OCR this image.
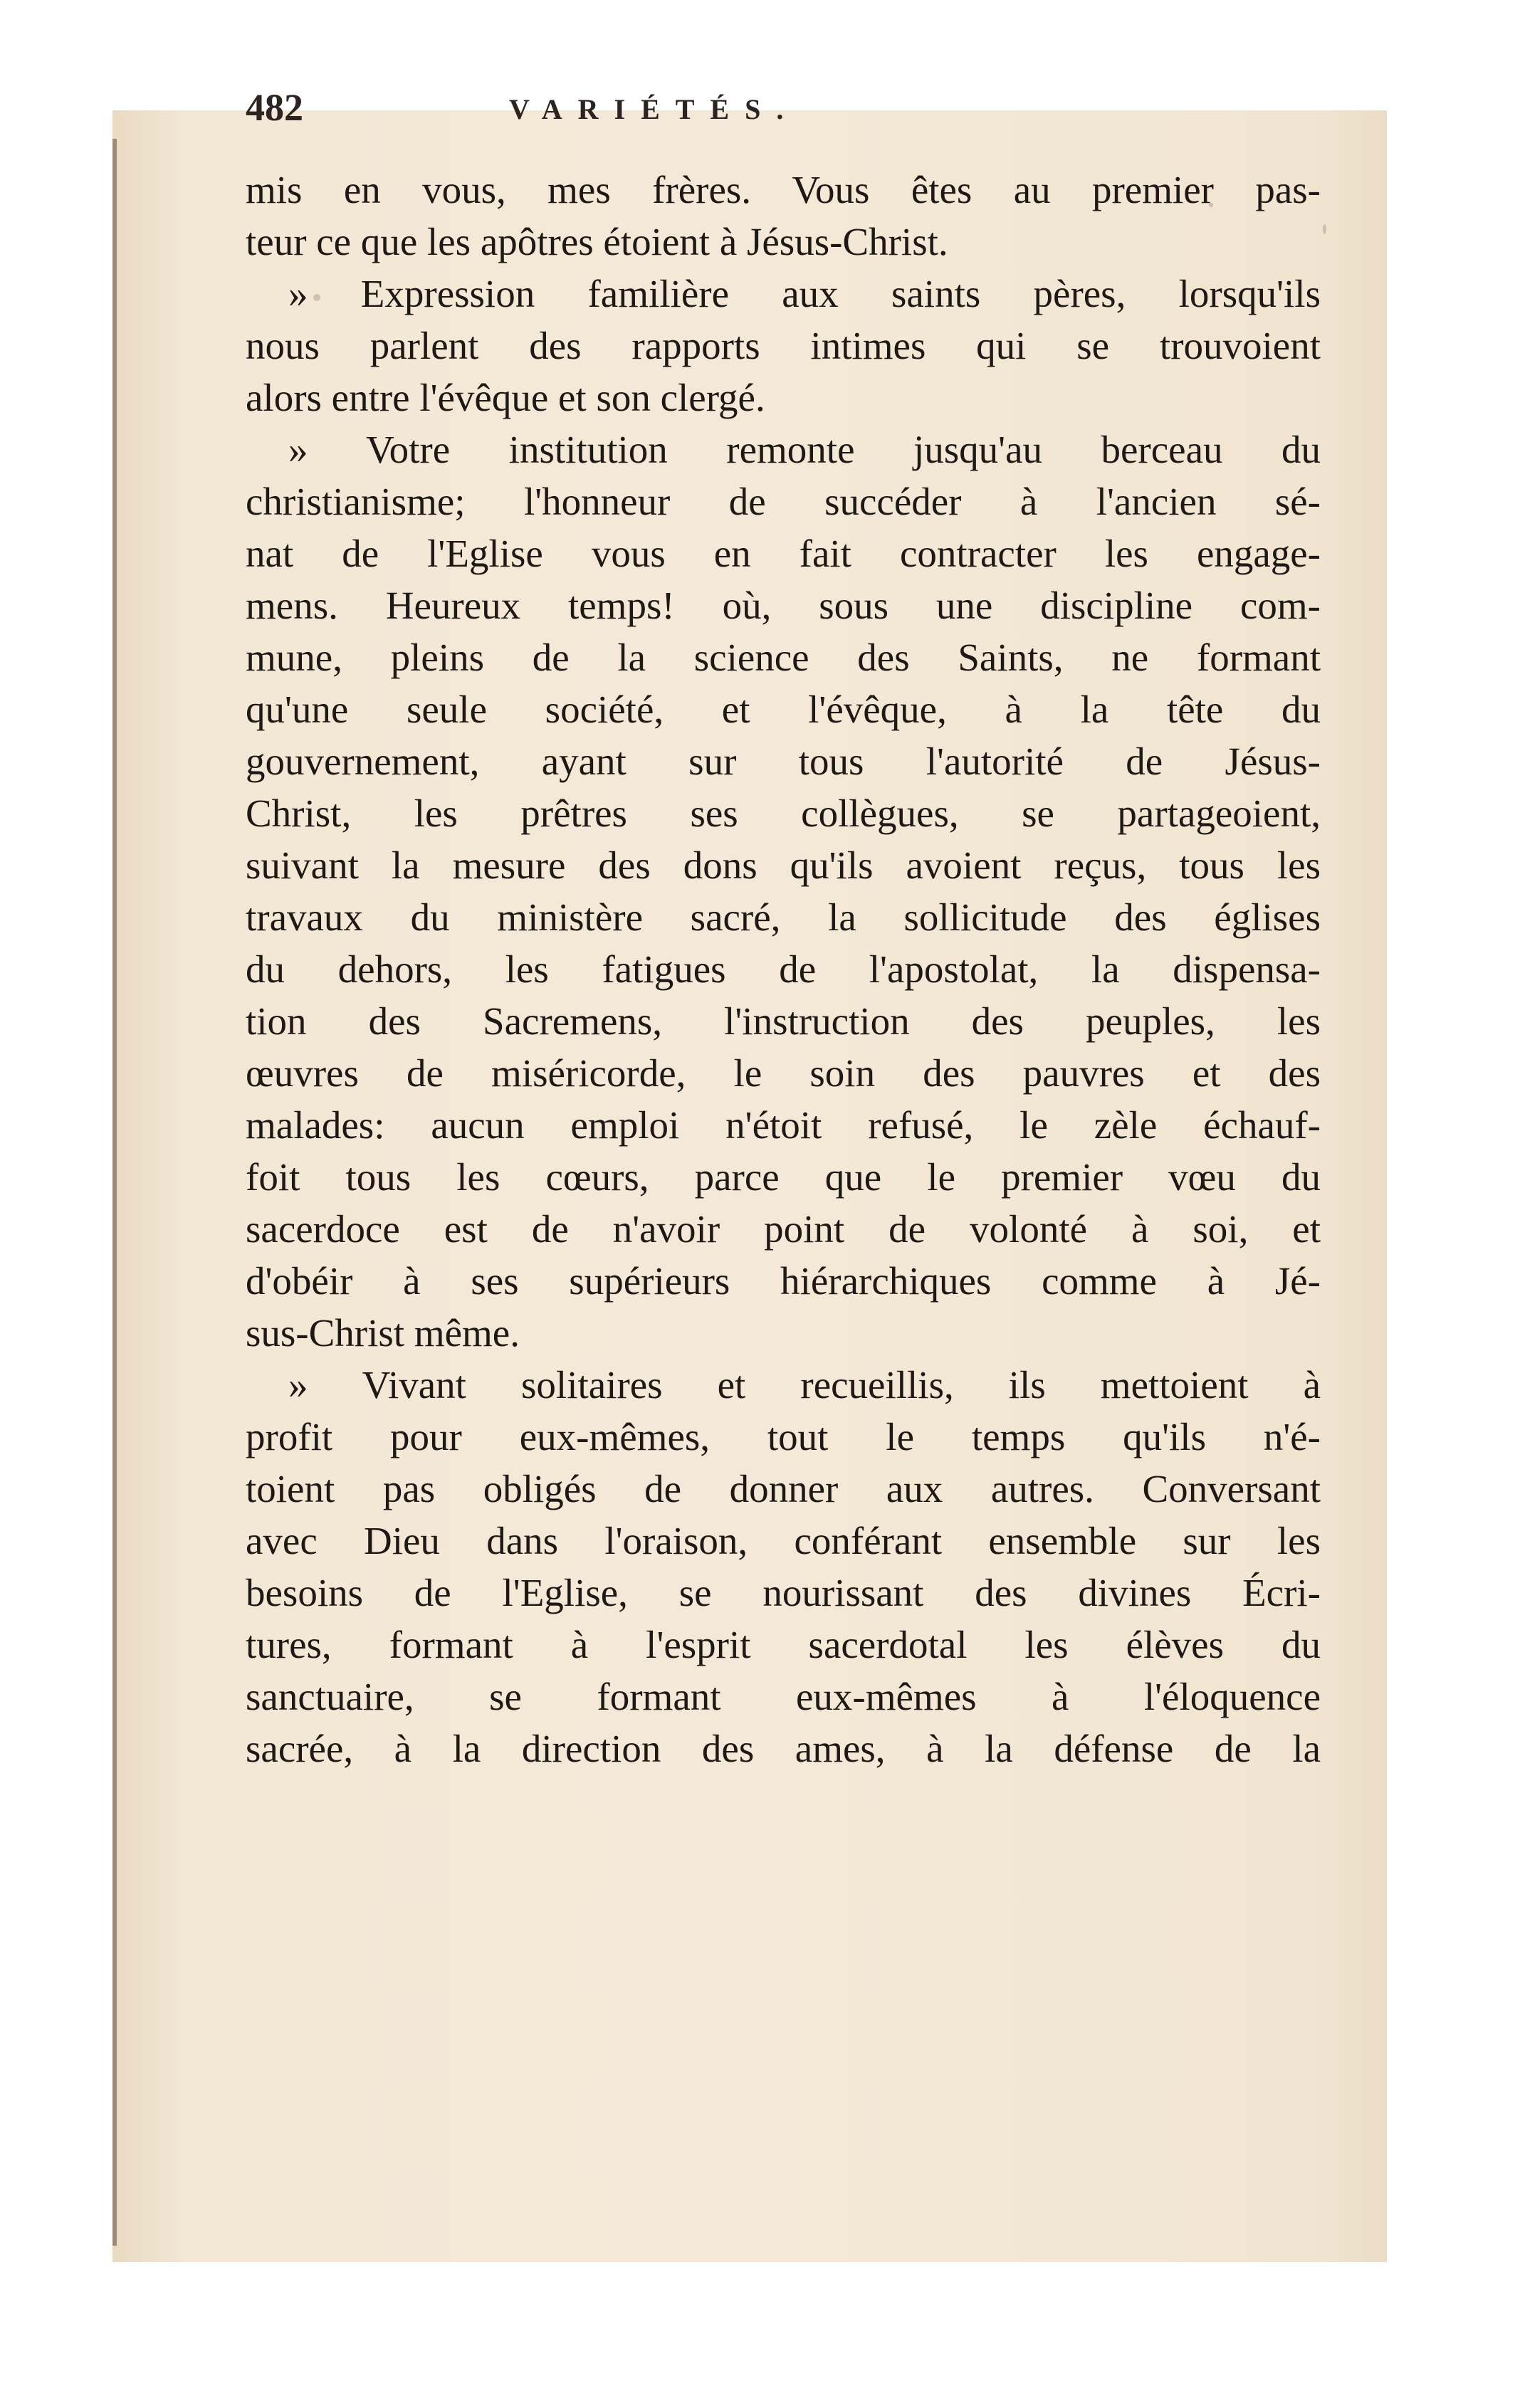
482	VARIÉTÉS.
mis en vous, mes frères. Vous êtes au premier pas-
teur ce que les apôtres étoient à Jésus-Christ.
» Expression familière aux saints pères, lorsqu'ils
nous parlent des rapports intimes qui se trouvoient
alors entre l'évêque et son clergé.
» Votre institution remonte jusqu'au berceau du
christianisme; l'honneur de succéder à l'ancien sé-
nat de l'Eglise vous en fait contracter les engage-
mens. Heureux temps! où, sous une discipline com-
mune, pleins de la science des Saints, ne formant
qu'une seule société, et l'évêque, à la tête du
gouvernement, ayant sur tous l'autorité de Jésus-
Christ, les prêtres ses collègues, se partageoient,
suivant la mesure des dons qu'ils avoient reçus, tous les
travaux du ministère sacré, la sollicitude des églises
du dehors, les fatigues de l'apostolat, la dispensa-
tion des Sacremens, l'instruction des peuples, les
œuvres de miséricorde, le soin des pauvres et des
malades: aucun emploi n'étoit refusé, le zèle échauf-
foit tous les cœurs, parce que le premier vœu du
sacerdoce est de n'avoir point de volonté à soi, et
d'obéir à ses supérieurs hiérarchiques comme à Jé-
sus-Christ même.
» Vivant solitaires et recueillis, ils mettoient à
profit pour eux-mêmes, tout le temps qu'ils n'é-
toient pas obligés de donner aux autres. Conversant
avec Dieu dans l'oraison, conférant ensemble sur les
besoins de l'Eglise, se nourissant des divines Écri-
tures, formant à l'esprit sacerdotal les élèves du
sanctuaire, se formant eux-mêmes à l'éloquence
sacrée, à la direction des ames, à la défense de la
